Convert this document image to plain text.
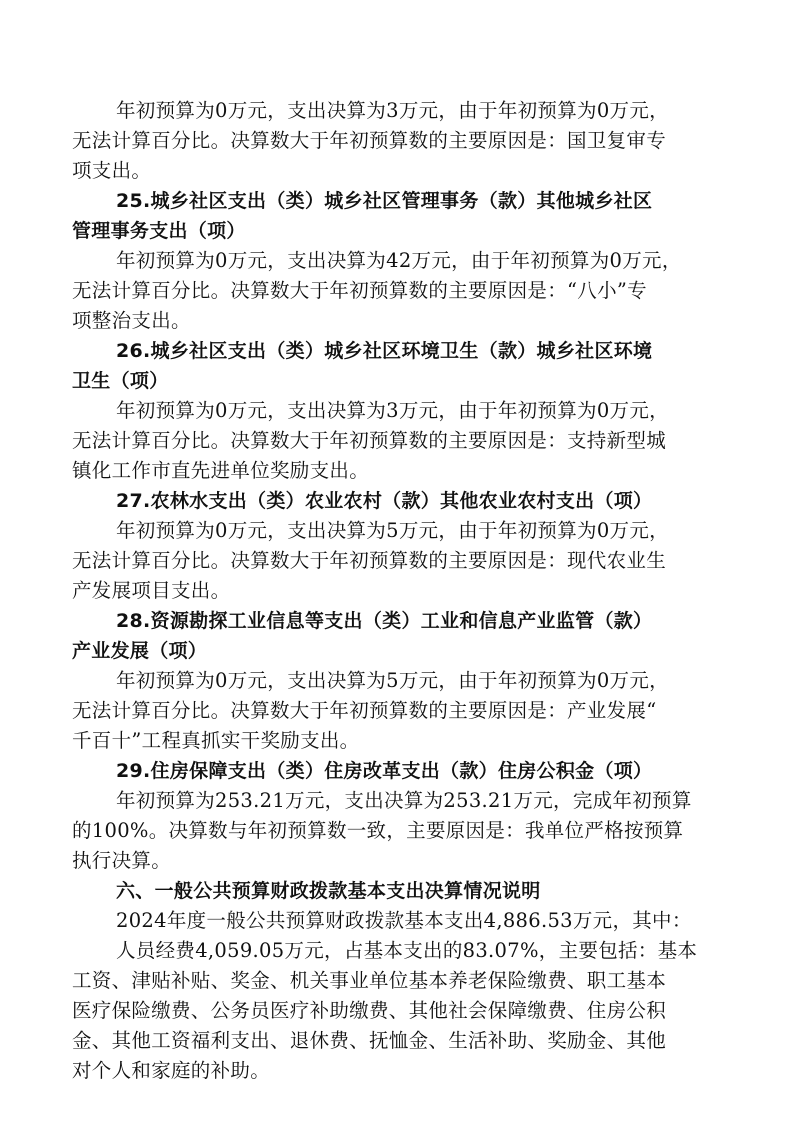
年初预算为0万元，支出决算为3万元，由于年初预算为0万元，
无法计算百分比。决算数大于年初预算数的主要原因是：国卫复审专
项支出。
25.城乡社区支出（类）城乡社区管理事务（款）其他城乡社区
管理事务支出（项）
年初预算为0万元，支出决算为42万元，由于年初预算为0万元，
无法计算百分比。决算数大于年初预算数的主要原因是：“八小”专
项整治支出。
26.城乡社区支出（类）城乡社区环境卫生（款）城乡社区环境
卫生（项）
年初预算为0万元，支出决算为3万元，由于年初预算为0万元，
无法计算百分比。决算数大于年初预算数的主要原因是：支持新型城
镇化工作市直先进单位奖励支出。
27.农林水支出（类）农业农村（款）其他农业农村支出（项）
年初预算为0万元，支出决算为5万元，由于年初预算为0万元，
无法计算百分比。决算数大于年初预算数的主要原因是：现代农业生
产发展项目支出。
28.资源勘探工业信息等支出（类）工业和信息产业监管（款）
产业发展（项）
年初预算为0万元，支出决算为5万元，由于年初预算为0万元，
无法计算百分比。决算数大于年初预算数的主要原因是：产业发展“
千百十”工程真抓实干奖励支出。
29.住房保障支出（类）住房改革支出（款）住房公积金（项）
年初预算为253.21万元，支出决算为253.21万元，完成年初预算
的100%。决算数与年初预算数一致，主要原因是：我单位严格按预算
执行决算。
六、一般公共预算财政拨款基本支出决算情况说明
2024年度一般公共预算财政拨款基本支出4,886.53万元，其中：
人员经费4,059.05万元，占基本支出的83.07%，主要包括：基本
工资、津贴补贴、奖金、机关事业单位基本养老保险缴费、职工基本
医疗保险缴费、公务员医疗补助缴费、其他社会保障缴费、住房公积
金、其他工资福利支出、退休费、抚恤金、生活补助、奖励金、其他
对个人和家庭的补助。
